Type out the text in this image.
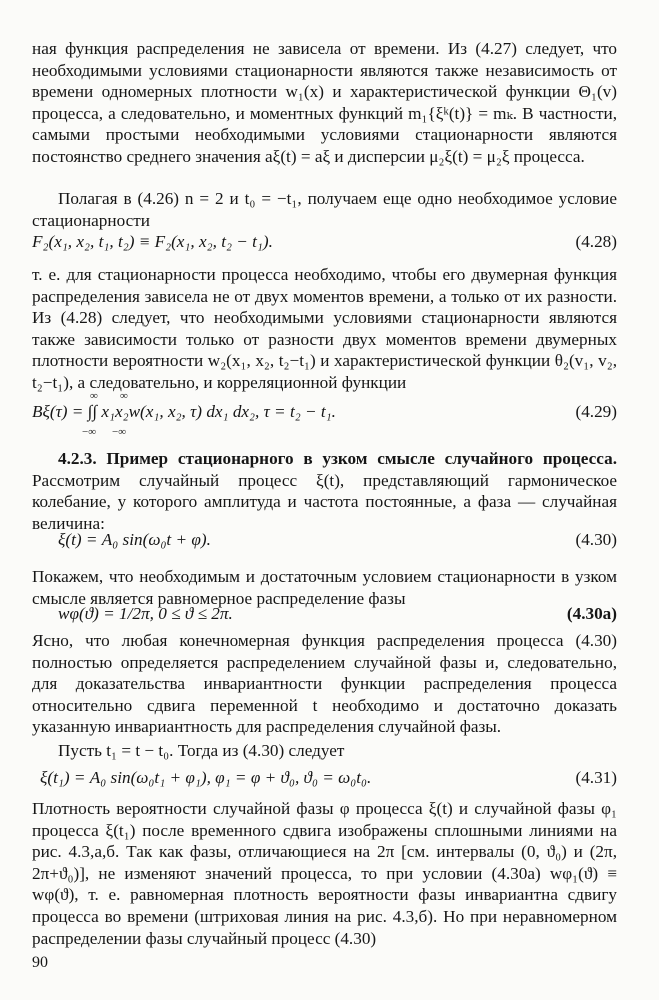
ная функция распределения не зависела от времени. Из (4.27) следует, что необходимыми условиями стационарности являются также независимость от времени одномерных плотности w₁(x) и характеристической функции Θ₁(v) процесса, а следовательно, и моментных функций m₁{ξᵏ(t)} = mₖ. В частности, самыми простыми необходимыми условиями стационарности являются постоянство среднего значения aξ(t) = aξ и дисперсии μ₂ξ(t) = μ₂ξ процесса.

Полагая в (4.26) n = 2 и t₀ = −t₁, получаем еще одно необходимое условие стационарности

F₂(x₁, x₂, t₁, t₂) ≡ F₂(x₁, x₂, t₂ − t₁).	(4.28)

т. е. для стационарности процесса необходимо, чтобы его двумерная функция распределения зависела не от двух моментов времени, а только от их разности. Из (4.28) следует, что необходимыми условиями стационарности являются также зависимости только от разности двух моментов времени двумерных плотности вероятности w₂(x₁, x₂, t₂−t₁) и характеристической функции θ₂(v₁, v₂, t₂−t₁), а следовательно, и корреляционной функции

∞ ∞
−∞ −∞
Bξ(τ) = ∫∫ x₁x₂w(x₁, x₂, τ) dx₁ dx₂, τ = t₂ − t₁.	(4.29)

4.2.3. Пример стационарного в узком смысле случайного процесса. Рассмотрим случайный процесс ξ(t), представляющий гармоническое колебание, у которого амплитуда и частота постоянные, а фаза — случайная величина:

ξ(t) = A₀ sin(ω₀t + φ).	(4.30)

Покажем, что необходимым и достаточным условием стационарности в узком смысле является равномерное распределение фазы

wφ(ϑ) = 1/2π, 0 ≤ ϑ ≤ 2π.	(4.30а)

Ясно, что любая конечномерная функция распределения процесса (4.30) полностью определяется распределением случайной фазы и, следовательно, для доказательства инвариантности функции распределения процесса относительно сдвига переменной t необходимо и достаточно доказать указанную инвариантность для распределения случайной фазы.

Пусть t₁ = t − t₀. Тогда из (4.30) следует

ξ(t₁) = A₀ sin(ω₀t₁ + φ₁), φ₁ = φ + ϑ₀, ϑ₀ = ω₀t₀.	(4.31)

Плотность вероятности случайной фазы φ процесса ξ(t) и случайной фазы φ₁ процесса ξ(t₁) после временного сдвига изображены сплошными линиями на рис. 4.3,а,б. Так как фазы, отличающиеся на 2π [см. интервалы (0, ϑ₀) и (2π, 2π+ϑ₀)], не изменяют значений процесса, то при условии (4.30а) wφ₁(ϑ) ≡ wφ(ϑ), т. е. равномерная плотность вероятности фазы инвариантна сдвигу процесса во времени (штриховая линия на рис. 4.3,б). Но при неравномерном распределении фазы случайный процесс (4.30)

90
